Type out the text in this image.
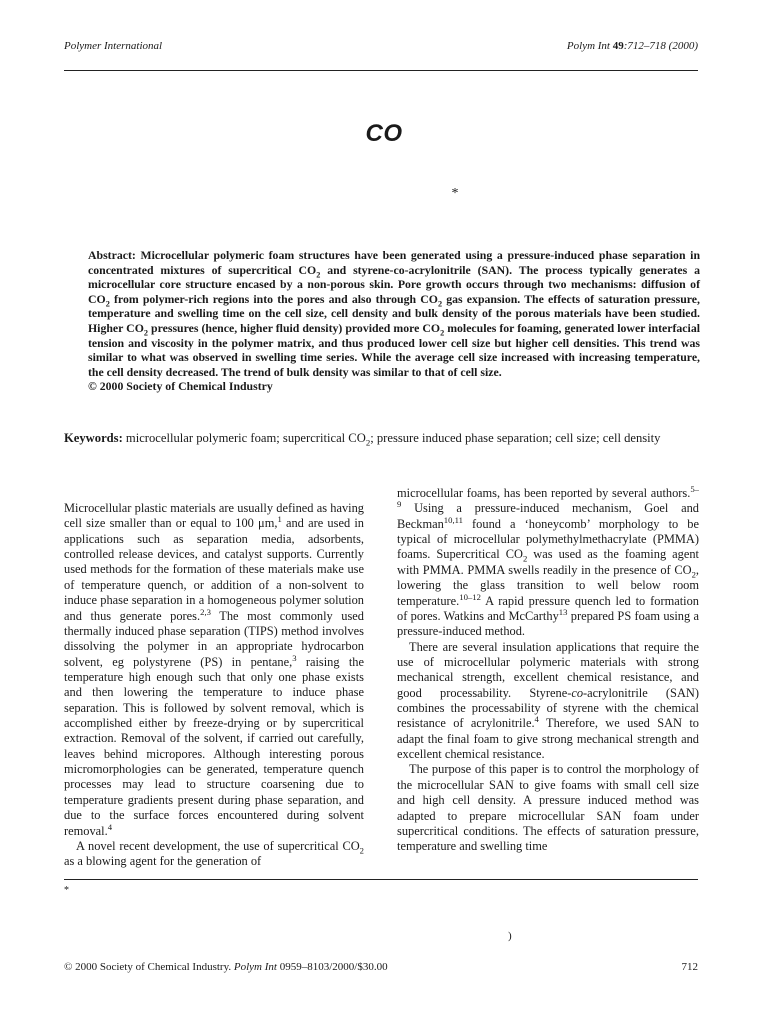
Polymer International	Polym Int 49:712–718 (2000)
CO
*

Abstract: Microcellular polymeric foam structures have been generated using a pressure-induced phase separation in concentrated mixtures of supercritical $CO_2$ and styrene-co-acrylonitrile (SAN). The process typically generates a microcellular core structure encased by a non-porous skin. Pore growth occurs through two mechanisms: diffusion of $CO_2$ from polymer-rich regions into the pores and also through $CO_2$ gas expansion. The effects of saturation pressure, temperature and swelling time on the cell size, cell density and bulk density of the porous materials have been studied. Higher $CO_2$ pressures (hence, higher fluid density) provided more $CO_2$ molecules for foaming, generated lower interfacial tension and viscosity in the polymer matrix, and thus produced lower cell size but higher cell densities. This trend was similar to what was observed in swelling time series. While the average cell size increased with increasing temperature, the cell density decreased. The trend of bulk density was similar to that of cell size.

© 2000 Society of Chemical Industry

Keywords: microcellular polymeric foam; supercritical $CO_2$; pressure induced phase separation; cell size; cell density

Microcellular plastic materials are usually defined as having cell size smaller than or equal to 100 μm,$^1$ and are used in applications such as separation media, adsorbents, controlled release devices, and catalyst supports. Currently used methods for the formation of these materials make use of temperature quench, or addition of a non-solvent to induce phase separation in a homogeneous polymer solution and thus generate pores.$^{2,3}$ The most commonly used thermally induced phase separation (TIPS) method involves dissolving the polymer in an appropriate hydrocarbon solvent, eg polystyrene (PS) in pentane,$^3$ raising the temperature high enough such that only one phase exists and then lowering the temperature to induce phase separation. This is followed by solvent removal, which is accomplished either by freeze-drying or by supercritical extraction. Removal of the solvent, if carried out carefully, leaves behind micropores. Although interesting porous micromorphologies can be generated, temperature quench processes may lead to structure coarsening due to temperature gradients present during phase separation, and due to the surface forces encountered during solvent removal.$^4$

A novel recent development, the use of supercritical $CO_2$ as a blowing agent for the generation of

microcellular foams, has been reported by several authors.$^{5-9}$ Using a pressure-induced mechanism, Goel and Beckman$^{10,11}$ found a ‘honeycomb’ morphology to be typical of microcellular polymethylmethacrylate (PMMA) foams. Supercritical $CO_2$ was used as the foaming agent with PMMA. PMMA swells readily in the presence of $CO_2$, lowering the glass transition to well below room temperature.$^{10-12}$ A rapid pressure quench led to formation of pores. Watkins and McCarthy$^{13}$ prepared PS foam using a pressure-induced method.

There are several insulation applications that require the use of microcellular polymeric materials with strong mechanical strength, excellent chemical resistance, and good processability. Styrene-co-acrylonitrile (SAN) combines the processability of styrene with the chemical resistance of acrylonitrile.$^4$ Therefore, we used SAN to adapt the final foam to give strong mechanical strength and excellent chemical resistance.

The purpose of this paper is to control the morphology of the microcellular SAN to give foams with small cell size and high cell density. A pressure induced method was adapted to prepare microcellular SAN foam under supercritical conditions. The effects of saturation pressure, temperature and swelling time

*
)
© 2000 Society of Chemical Industry. Polym Int 0959–8103/2000/$30.00	712
